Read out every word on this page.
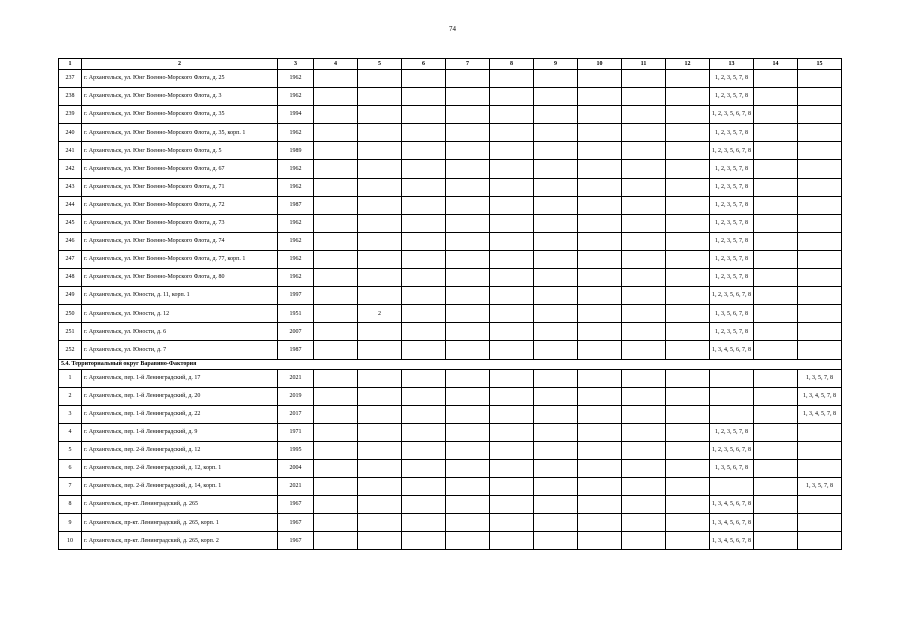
74
1	2	3	4	5	6	7	8	9	10	11	12	13	14	15
237	г. Архангельск, ул. Юнг Военно-Морского Флота, д. 25	1962										1, 2, 3, 5, 7, 8		
238	г. Архангельск, ул. Юнг Военно-Морского Флота, д. 3	1962										1, 2, 3, 5, 7, 8		
239	г. Архангельск, ул. Юнг Военно-Морского Флота, д. 35	1994										1, 2, 3, 5, 6, 7, 8		
240	г. Архангельск, ул. Юнг Военно-Морского Флота, д. 35, корп. 1	1962										1, 2, 3, 5, 7, 8		
241	г. Архангельск, ул. Юнг Военно-Морского Флота, д. 5	1989										1, 2, 3, 5, 6, 7, 8		
242	г. Архангельск, ул. Юнг Военно-Морского Флота, д. 67	1962										1, 2, 3, 5, 7, 8		
243	г. Архангельск, ул. Юнг Военно-Морского Флота, д. 71	1962										1, 2, 3, 5, 7, 8		
244	г. Архангельск, ул. Юнг Военно-Морского Флота, д. 72	1987										1, 2, 3, 5, 7, 8		
245	г. Архангельск, ул. Юнг Военно-Морского Флота, д. 73	1962										1, 2, 3, 5, 7, 8		
246	г. Архангельск, ул. Юнг Военно-Морского Флота, д. 74	1962										1, 2, 3, 5, 7, 8		
247	г. Архангельск, ул. Юнг Военно-Морского Флота, д. 77, корп. 1	1962										1, 2, 3, 5, 7, 8		
248	г. Архангельск, ул. Юнг Военно-Морского Флота, д. 80	1962										1, 2, 3, 5, 7, 8		
249	г. Архангельск, ул. Юности, д. 11, корп. 1	1997										1, 2, 3, 5, 6, 7, 8		
250	г. Архангельск, ул. Юности, д. 12	1951		2								1, 3, 5, 6, 7, 8		
251	г. Архангельск, ул. Юности, д. 6	2007										1, 2, 3, 5, 7, 8		
252	г. Архангельск, ул. Юности, д. 7	1987										1, 3, 4, 5, 6, 7, 8		
5.4. Территориальный округ Варавино-Фактория														
1	г. Архангельск, пер. 1-й Ленинградский, д. 17	2021												1, 3, 5, 7, 8
2	г. Архангельск, пер. 1-й Ленинградский, д. 20	2019												1, 3, 4, 5, 7, 8
3	г. Архангельск, пер. 1-й Ленинградский, д. 22	2017												1, 3, 4, 5, 7, 8
4	г. Архангельск, пер. 1-й Ленинградский, д. 9	1971										1, 2, 3, 5, 7, 8		
5	г. Архангельск, пер. 2-й Ленинградский, д. 12	1995										1, 2, 3, 5, 6, 7, 8		
6	г. Архангельск, пер. 2-й Ленинградский, д. 12, корп. 1	2004										1, 3, 5, 6, 7, 8		
7	г. Архангельск, пер. 2-й Ленинградский, д. 14, корп. 1	2021												1, 3, 5, 7, 8
8	г. Архангельск, пр-кт. Ленинградский, д. 265	1967										1, 3, 4, 5, 6, 7, 8		
9	г. Архангельск, пр-кт. Ленинградский, д. 265, корп. 1	1967										1, 3, 4, 5, 6, 7, 8		
10	г. Архангельск, пр-кт. Ленинградский, д. 265, корп. 2	1967										1, 3, 4, 5, 6, 7, 8		
